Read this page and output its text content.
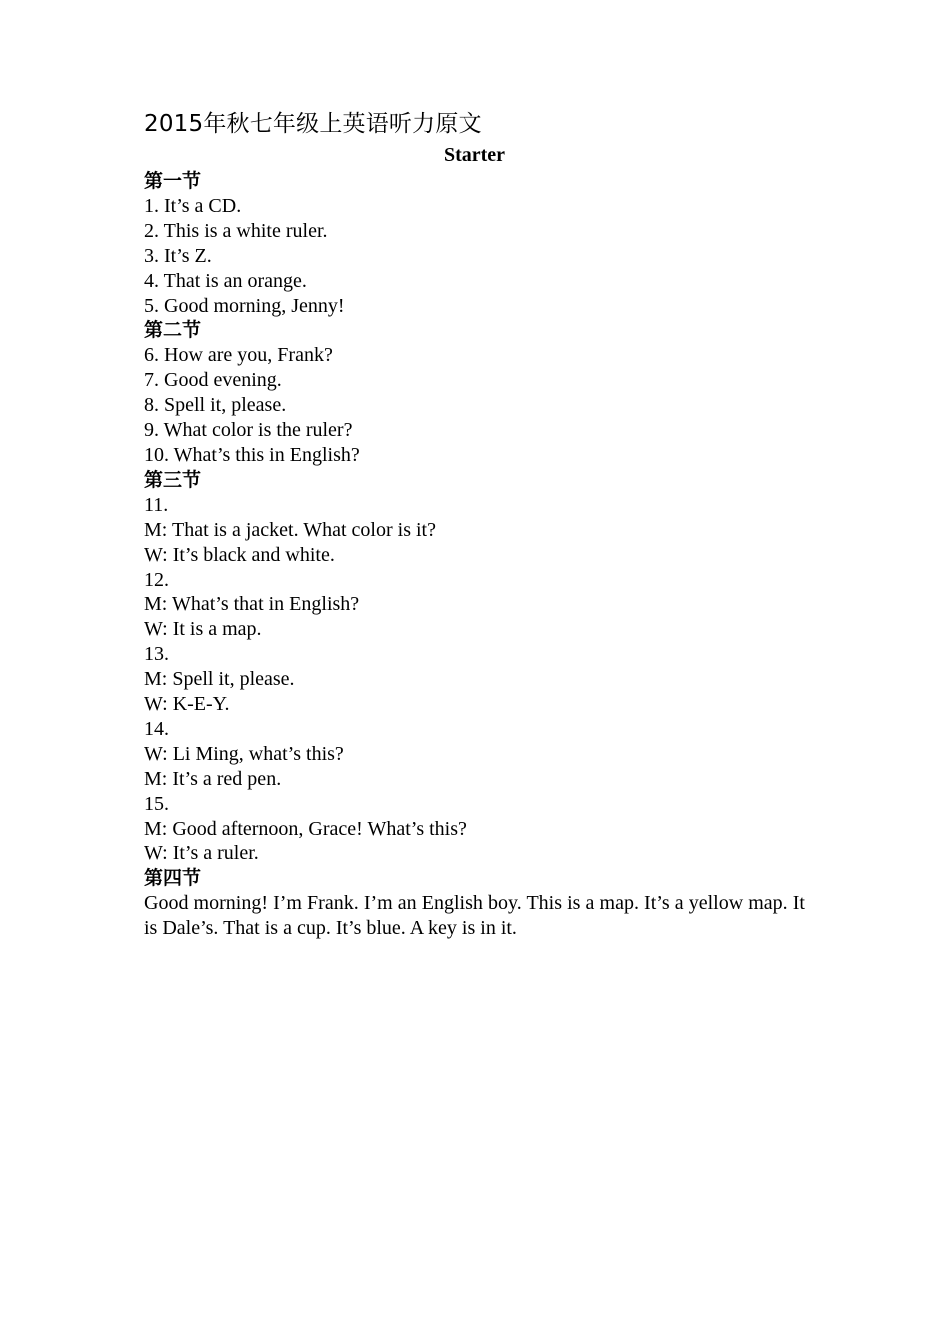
2015年秋七年级上英语听力原文

Starter

第一节

1. It’s a CD.

2. This is a white ruler.

3. It’s Z.

4. That is an orange.

5. Good morning, Jenny!

第二节

6. How are you, Frank?

7. Good evening.

8. Spell it, please.

9. What color is the ruler?

10. What’s this in English?

第三节

11.

M: That is a jacket. What color is it?

W: It’s black and white.

12.

M: What’s that in English?

W: It is a map.

13.

M: Spell it, please.

W: K-E-Y.

14.

W: Li Ming, what’s this?

M: It’s a red pen.

15.

M: Good afternoon, Grace! What’s this?

W: It’s a ruler.

第四节

Good morning! I’m Frank. I’m an English boy. This is a map. It’s a yellow map. It is Dale’s. That is a cup. It’s blue. A key is in it.
